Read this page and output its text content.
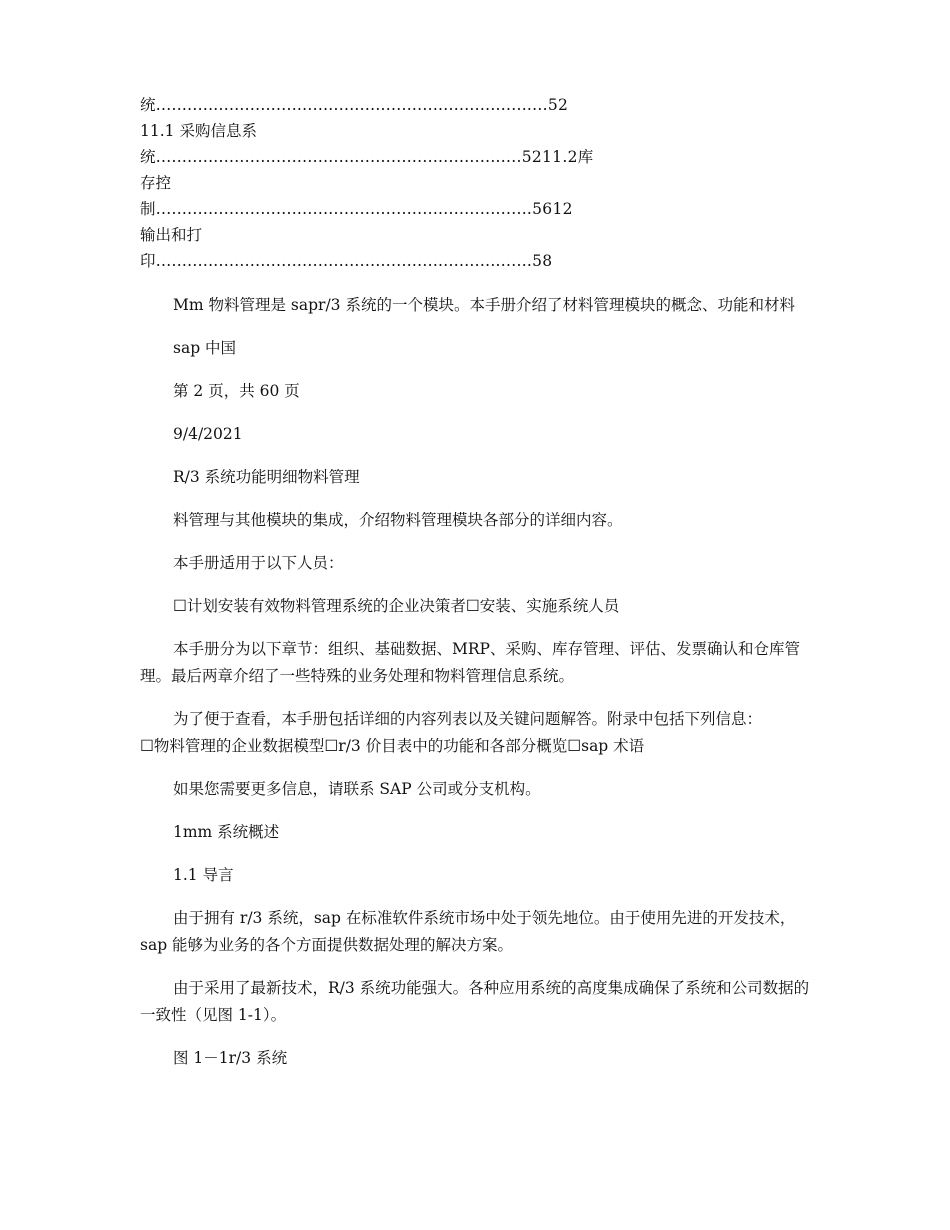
统...........................................................................52
11.1 采购信息系
统......................................................................5211.2库
存控
制........................................................................5612
输出和打
印........................................................................58

Mm 物料管理是 sapr/3 系统的一个模块。本手册介绍了材料管理模块的概念、功能和材料

sap 中国

第 2 页，共 60 页

9/4/2021

R/3 系统功能明细物料管理

料管理与其他模块的集成，介绍物料管理模块各部分的详细内容。

本手册适用于以下人员：

☐计划安装有效物料管理系统的企业决策者☐安装、实施系统人员

本手册分为以下章节：组织、基础数据、MRP、采购、库存管理、评估、发票确认和仓库管理。最后两章介绍了一些特殊的业务处理和物料管理信息系统。

为了便于查看，本手册包括详细的内容列表以及关键问题解答。附录中包括下列信息：

☐物料管理的企业数据模型☐r/3 价目表中的功能和各部分概览☐sap 术语

如果您需要更多信息，请联系 SAP 公司或分支机构。

1mm 系统概述

1.1 导言

由于拥有 r/3 系统，sap 在标准软件系统市场中处于领先地位。由于使用先进的开发技术，sap 能够为业务的各个方面提供数据处理的解决方案。

由于采用了最新技术，R/3 系统功能强大。各种应用系统的高度集成确保了系统和公司数据的一致性（见图 1-1）。

图 1－1r/3 系统
